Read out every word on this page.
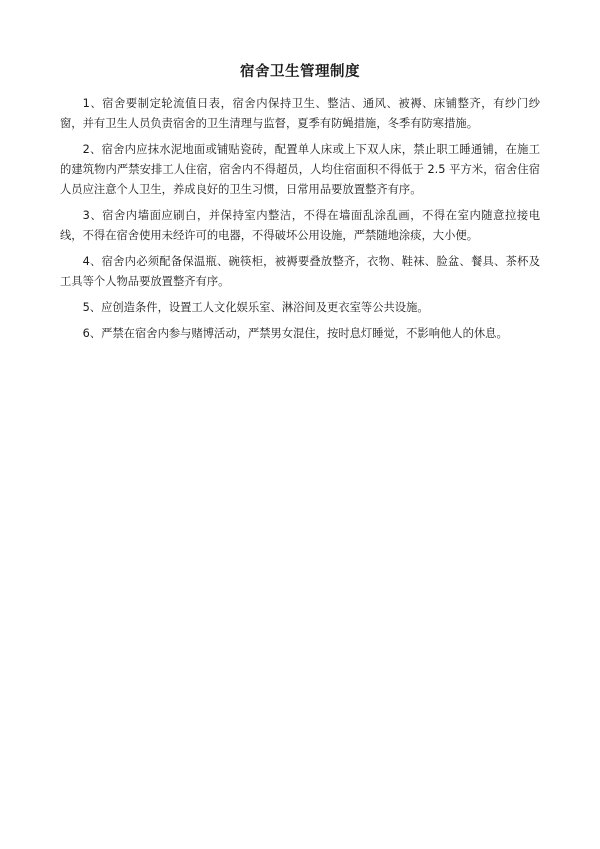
宿舍卫生管理制度

1、宿舍要制定轮流值日表，宿舍内保持卫生、整洁、通风、被褥、床铺整齐，有纱门纱窗，并有卫生人员负责宿舍的卫生清理与监督，夏季有防蝇措施，冬季有防寒措施。

2、宿舍内应抹水泥地面或铺贴瓷砖，配置单人床或上下双人床，禁止职工睡通铺，在施工的建筑物内严禁安排工人住宿，宿舍内不得超员，人均住宿面积不得低于 2.5 平方米，宿舍住宿人员应注意个人卫生，养成良好的卫生习惯，日常用品要放置整齐有序。

3、宿舍内墙面应刷白，并保持室内整洁，不得在墙面乱涂乱画，不得在室内随意拉接电线，不得在宿舍使用未经许可的电器，不得破坏公用设施，严禁随地涂痰，大小便。

4、宿舍内必须配备保温瓶、碗筷柜，被褥要叠放整齐，衣物、鞋袜、脸盆、餐具、茶杯及工具等个人物品要放置整齐有序。

5、应创造条件，设置工人文化娱乐室、淋浴间及更衣室等公共设施。

6、严禁在宿舍内参与赌博活动，严禁男女混住，按时息灯睡觉，不影响他人的休息。
